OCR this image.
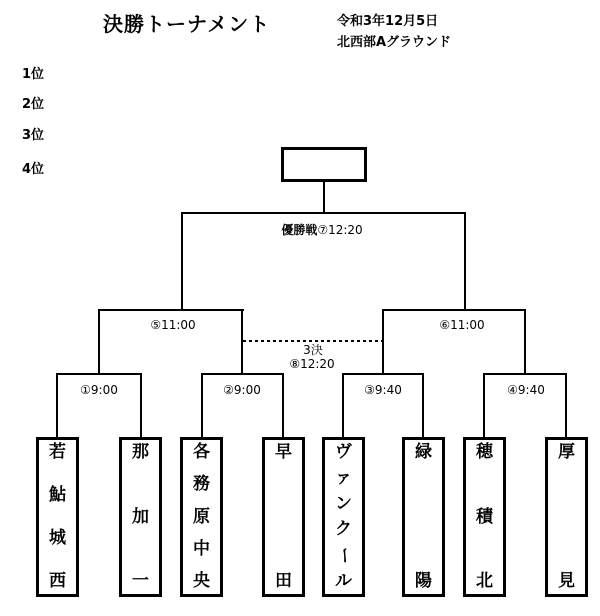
決勝トーナメント	令和3年12月5日
北西部Aグラウンド
1位
2位
3位
4位
優勝戦⑦12:20
⑤11:00	⑥11:00
3決
⑧12:20
①9:00	②9:00	③9:40	④9:40
若
鮎
城
西
那
加
一
各
務
原
中
央
早
田
ヴ
ァ
ン
ク
ー
ル
緑
陽
穂
積
北
厚
見
